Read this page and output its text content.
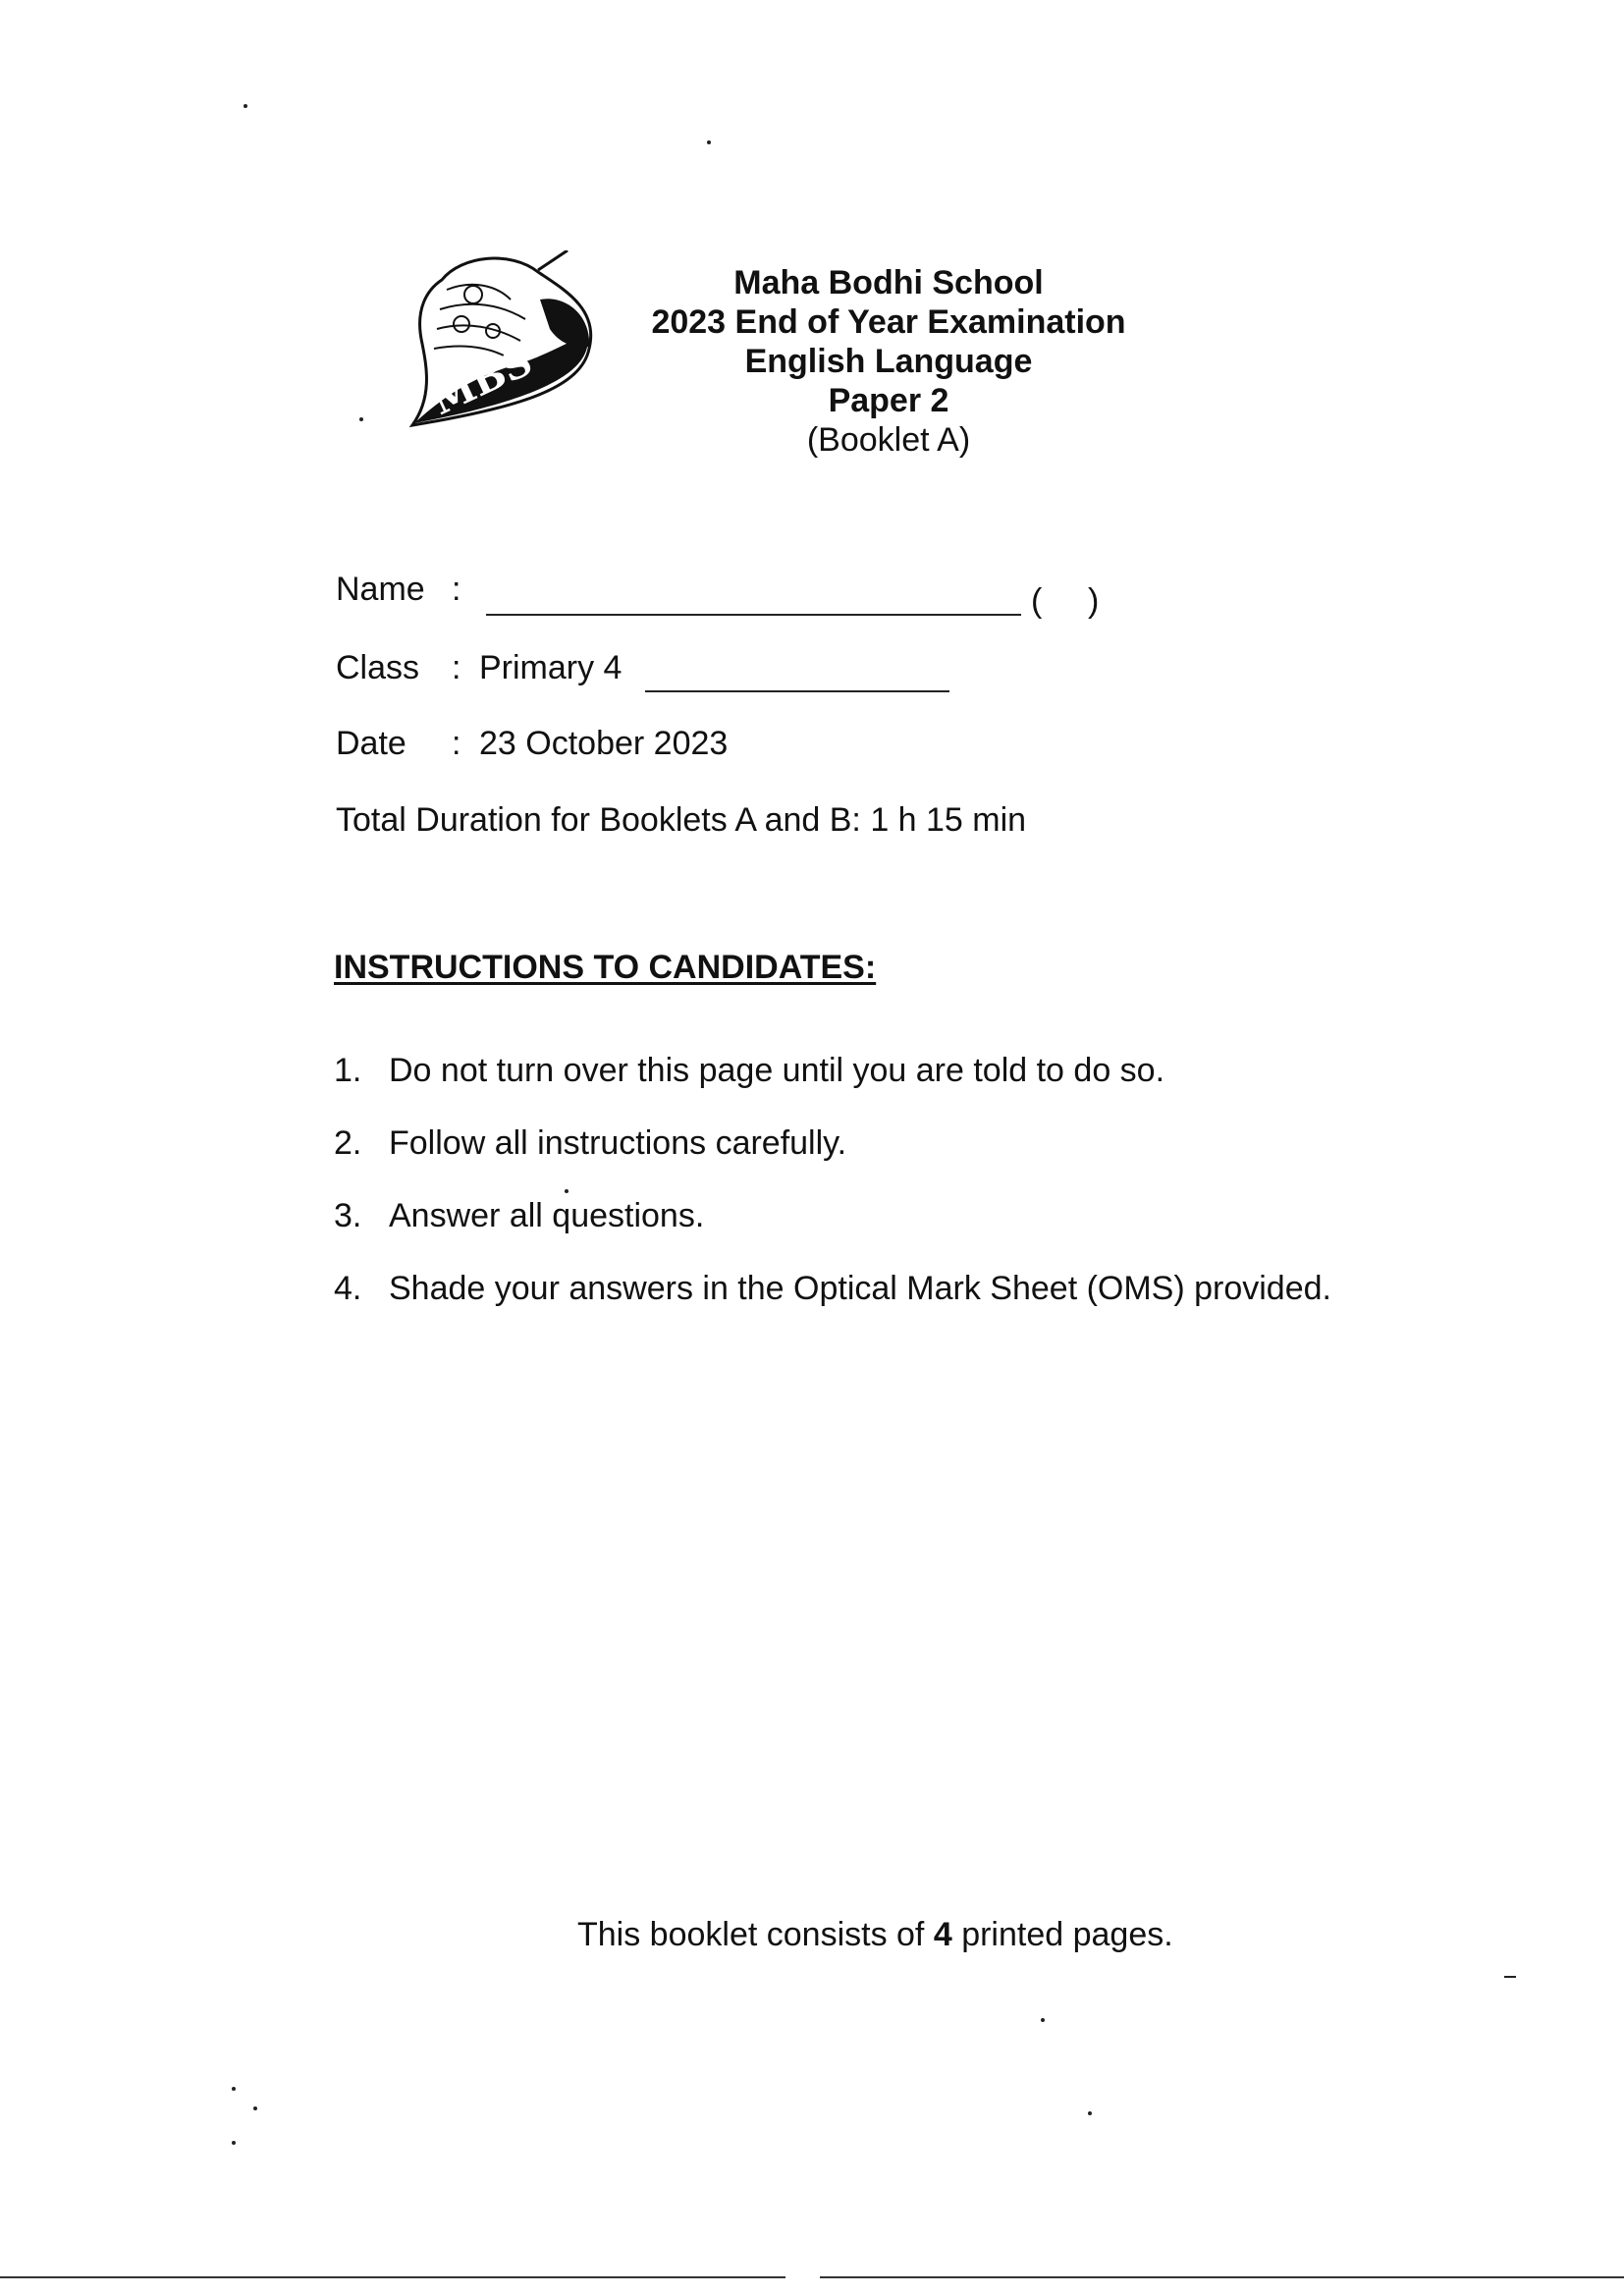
MBS
Maha Bodhi School
2023 End of Year Examination
English Language
Paper 2
(Booklet A)
Name :	( )
Class : Primary 4
Date : 23 October 2023
Total Duration for Booklets A and B: 1 h 15 min
INSTRUCTIONS TO CANDIDATES:
1. Do not turn over this page until you are told to do so.
2. Follow all instructions carefully.
3. Answer all questions.
4. Shade your answers in the Optical Mark Sheet (OMS) provided.
This booklet consists of 4 printed pages.
